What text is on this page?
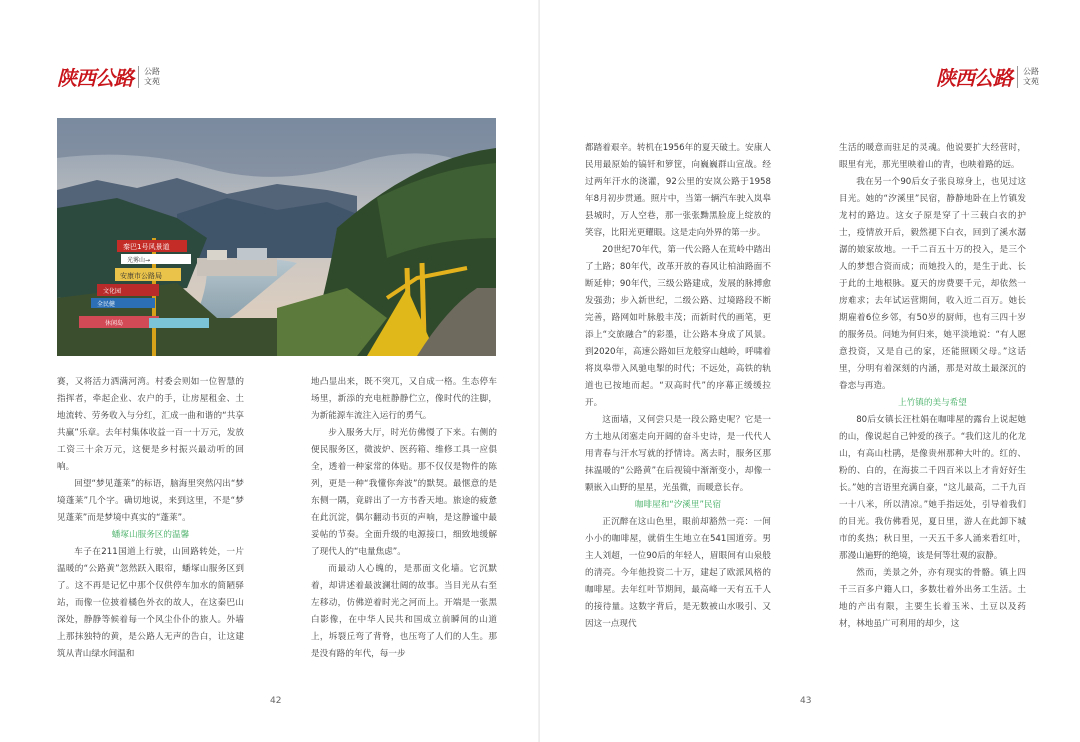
陕西公路 公路
文苑
秦巴1号风景道
光雾山→
安康市公路局
文化园
全民健
休闲岛

赛，又将活力洒满河湾。村委会则如一位智慧的指挥者，牵起企业、农户的手，让房屋租金、土地流转、劳务收入与分红，汇成一曲和谐的“共享共赢”乐章。去年村集体收益一百一十万元，发放工资三十余万元，这便是乡村振兴最动听的回响。

回望“梦见蓬莱”的标语，脑海里突然闪出“梦境蓬莱”几个字。确切地说，来到这里，不是“梦见蓬莱”而是梦境中真实的“蓬莱”。

蟠塚山服务区的温馨

车子在211国道上行驶，山回路转处，一片温暖的“公路黄”忽然跃入眼帘，蟠塚山服务区到了。这不再是记忆中那个仅供停车加水的简陋驿站，而像一位披着橘色外衣的故人，在这秦巴山深处，静静等候着每一个风尘仆仆的旅人。外墙上那抹独特的黄，是公路人无声的告白，让这建筑从青山绿水间温和

地凸显出来，既不突兀，又自成一格。生态停车场里，新添的充电桩静静伫立，像时代的注脚，为新能源车流注入运行的勇气。

步入服务大厅，时光仿佛慢了下来。右侧的便民服务区，微波炉、医药箱、维修工具一应俱全，透着一种家常的体贴。那不仅仅是物件的陈列，更是一种“我懂你奔波”的默契。最惬意的是东侧一隅，竟辟出了一方书香天地。旅途的疲惫在此沉淀，偶尔翻动书页的声响，是这静谧中最妥帖的节奏。全面升级的电源接口，细致地缓解了现代人的“电量焦虑”。

而最动人心魄的，是那面文化墙。它沉默着，却讲述着最波澜壮阔的故事。当目光从右至左移动，仿佛逆着时光之河而上。开端是一张黑白影像，在中华人民共和国成立前瞬间的山道上，坼裂丘弯了背脊，也压弯了人们的人生。那是没有路的年代，每一步

42
陕西公路 公路
文苑

都踏着艰辛。转机在1956年的夏天破土。安康人民用最原始的镐钎和箩筐，向巍巍群山宣战。经过两年汗水的浇灌，92公里的安岚公路于1958年8月初步贯通。照片中，当第一辆汽车驶入岚皋县城时，万人空巷，那一张张黝黑脸庞上绽放的笑容，比阳光更耀眼。这是走向外界的第一步。

20世纪70年代，第一代公路人在荒岭中踏出了土路；80年代，改革开放的春风让柏油路面不断延伸；90年代，三级公路建成，发展的脉搏愈发强劲；步入新世纪，二级公路、过境路段不断完善，路网如叶脉般丰茂；而新时代的画笔，更添上“交旅融合”的彩墨，让公路本身成了风景。到2020年，高速公路如巨龙般穿山越岭，呼啸着将岚皋带入风驰电掣的时代；不远处，高铁的轨道也已按地而起。“双高时代”的序幕正缓缓拉开。

这面墙，又何尝只是一段公路史呢？它是一方土地从闭塞走向开阔的奋斗史诗，是一代代人用青春与汗水写就的抒情诗。离去时，服务区那抹温暖的“公路黄”在后视镜中渐渐变小，却像一颗嵌入山野的星星，光虽微，而暖意长存。

咖啡屋和“汐溪里”民宿

正沉醉在这山色里，眼前却豁然一亮：一间小小的咖啡屋，就俏生生地立在541国道旁。男主人刘超，一位90后的年轻人，眉眼间有山泉般的清亮。今年他投资二十万，建起了欧派风格的咖啡屋。去年红叶节期间，最高峰一天有五千人的接待量。这数字背后，是无数被山水吸引、又因这一点现代

生活的暖意而驻足的灵魂。他说要扩大经营时，眼里有光，那光里映着山的青，也映着路的远。

我在另一个90后女子张良琼身上，也见过这目光。她的“汐溪里”民宿，静静地卧在上竹镇发龙村的路边。这女子原是穿了十三载白衣的护士，疫情放开后，毅然褪下白衣，回到了溪水潺潺的娘家故地。一千二百五十万的投入，是三个人的梦想合资而成；而她投入的，是生于此、长于此的土地根脉。夏天的房费要千元，却依然一房难求；去年试运营期间，收入近二百万。她长期雇着6位乡邻，有50岁的厨师，也有三四十岁的服务员。问她为何归来，她平淡地说：“有人愿意投资，又是自己的家，还能照顾父母。”这话里，分明有着深刻的内涵，那是对故土最深沉的眷恋与再造。

上竹镇的美与希望

80后女镇长汪杜娟在咖啡屋的露台上说起她的山，像说起自己钟爱的孩子。“我们这儿的化龙山，有高山杜鹃，是像贵州那种大叶的。红的、粉的、白的，在海拔二千四百米以上才肯好好生长。”她的言语里充满自豪，“这儿最高，二千九百一十八米，所以清凉。”她手指远处，引导着我们的目光。我仿佛看见，夏日里，游人在此卸下城市的炙热；秋日里，一天五千多人涌来看红叶，那漫山遍野的绝境，该是何等壮观的寂静。

然而，美景之外，亦有现实的骨骼。镇上四千三百多户籍人口，多数壮着外出务工生活。土地的产出有限，主要生长着玉米、土豆以及药材，林地虽广可利用的却少，这

43
